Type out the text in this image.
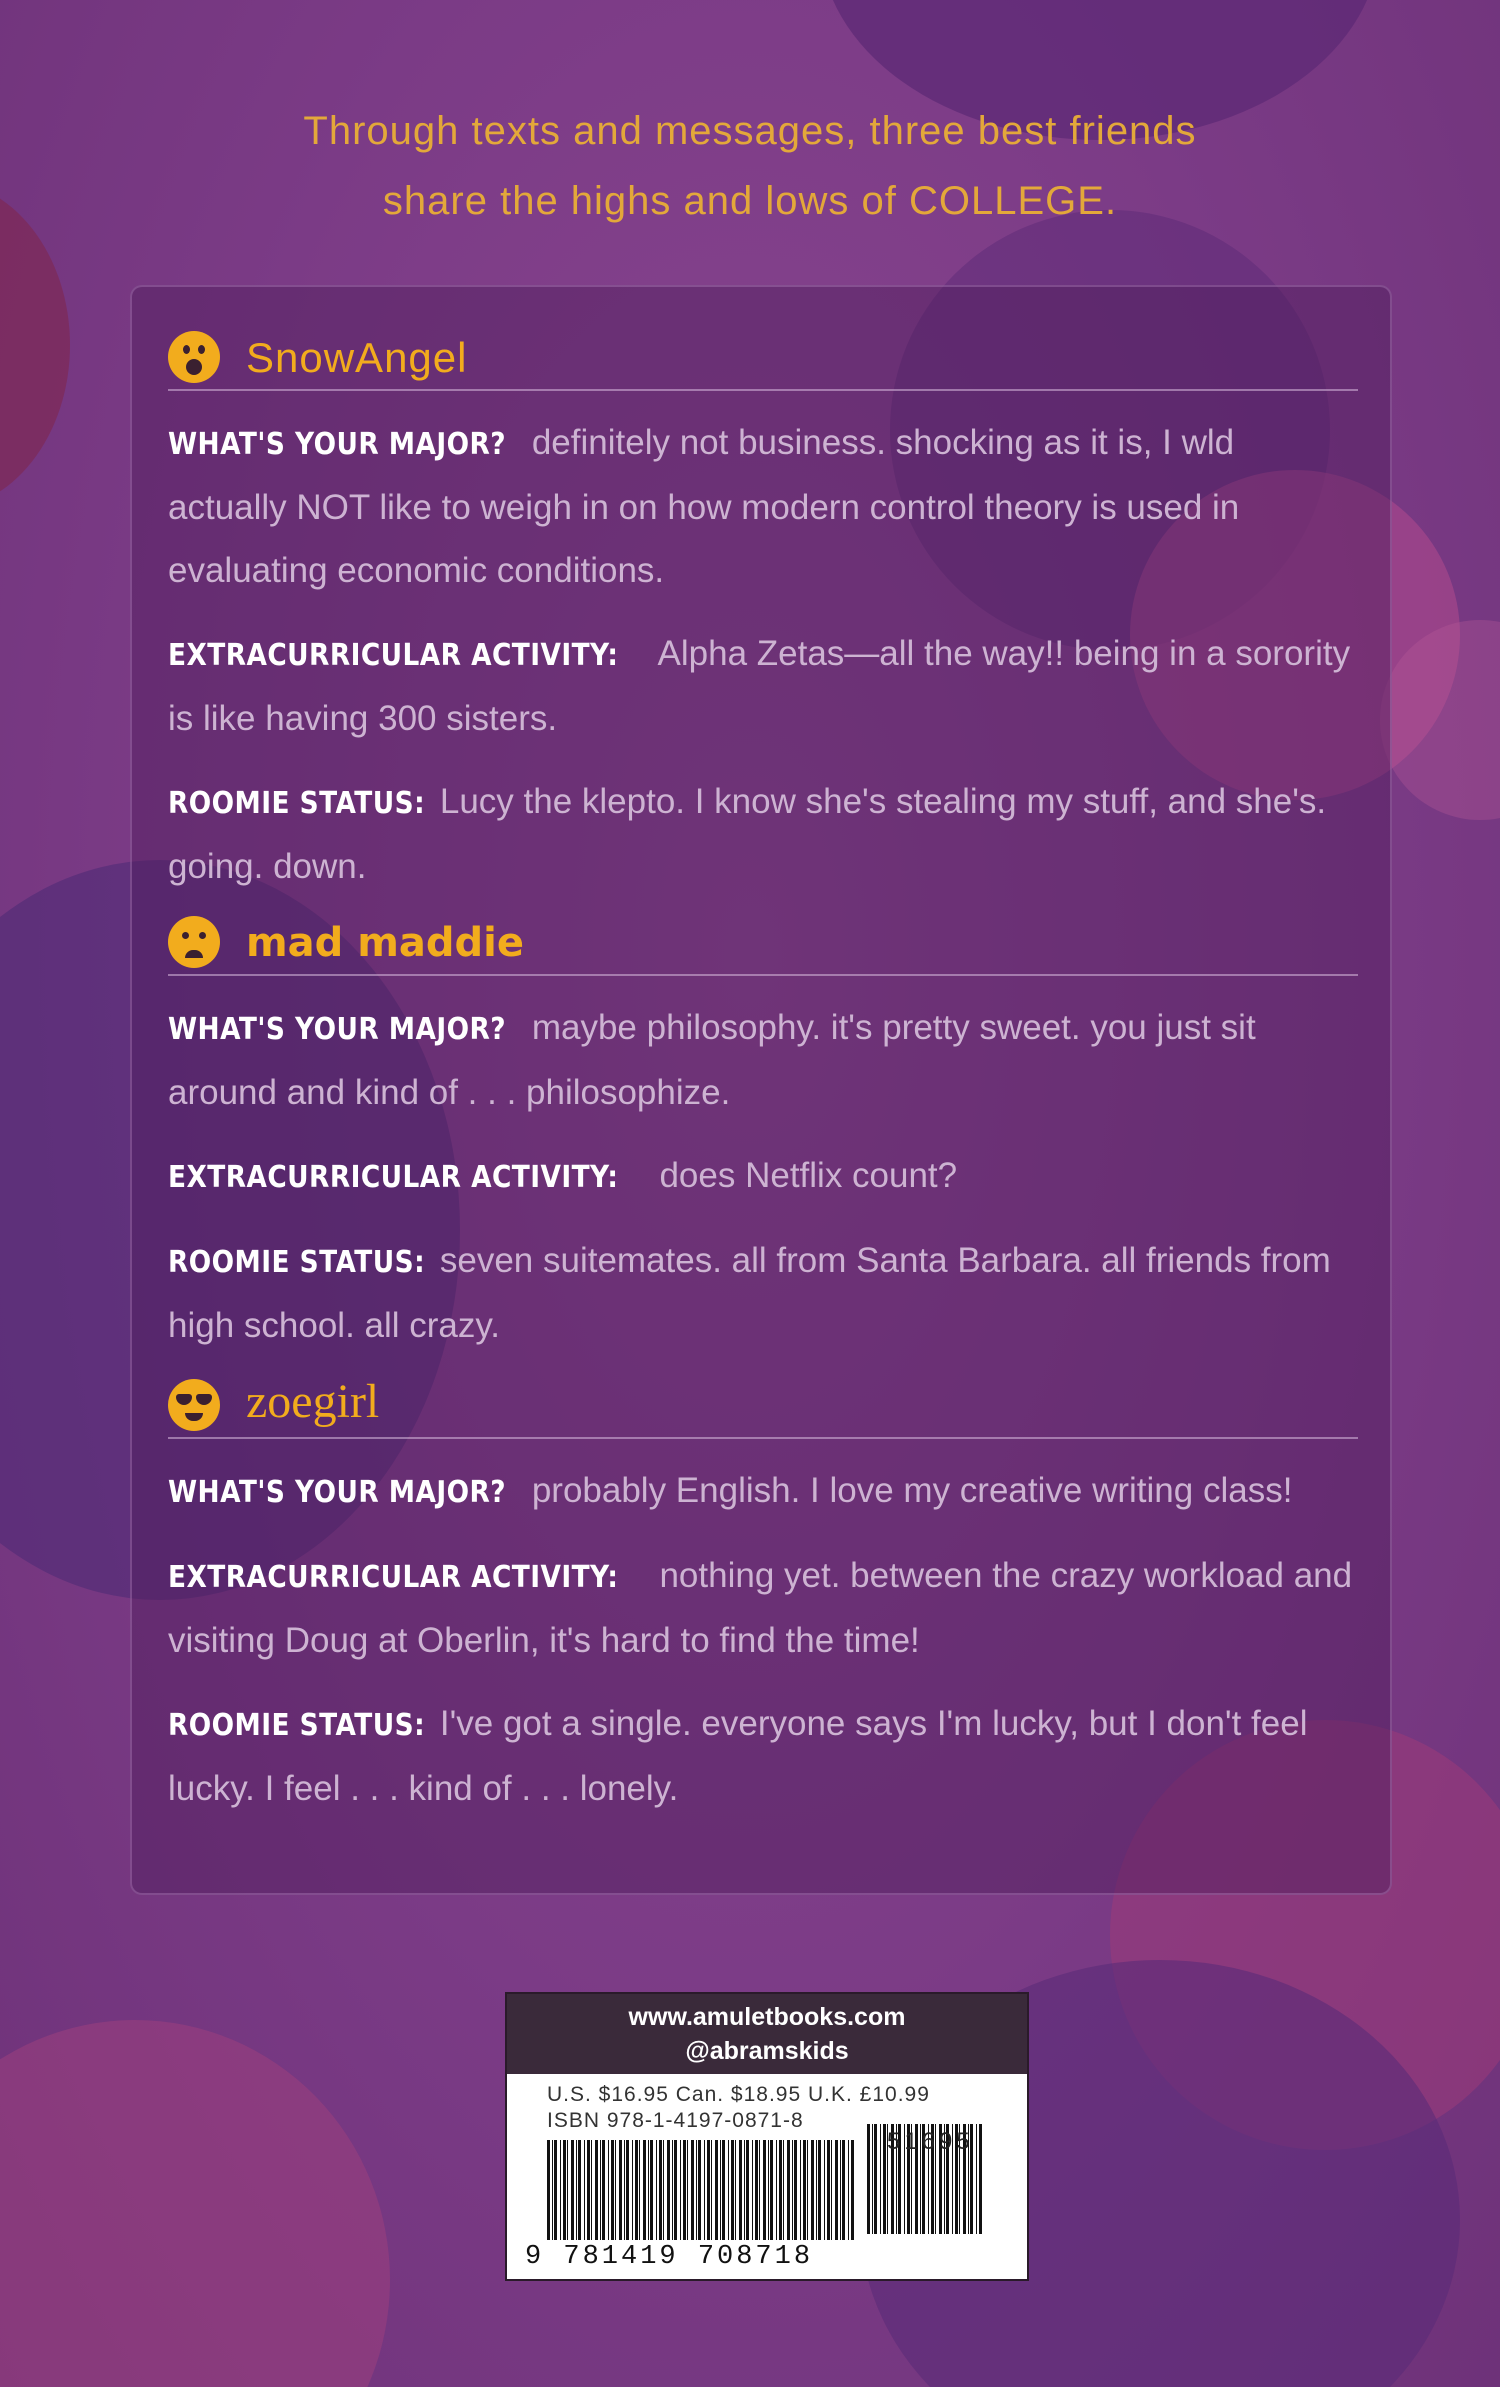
Through texts and messages, three best friends
share the highs and lows of COLLEGE.
SnowAngel

WHAT'S YOUR MAJOR? definitely not business. shocking as it is, I wld actually NOT like to weigh in on how modern control theory is used in evaluating economic conditions.

EXTRACURRICULAR ACTIVITY: Alpha Zetas—all the way!! being in a sorority is like having 300 sisters.

ROOMIE STATUS: Lucy the klepto. I know she's stealing my stuff, and she's. going. down.

mad maddie

WHAT'S YOUR MAJOR? maybe philosophy. it's pretty sweet. you just sit around and kind of . . . philosophize.

EXTRACURRICULAR ACTIVITY: does Netflix count?

ROOMIE STATUS: seven suitemates. all from Santa Barbara. all friends from high school. all crazy.

zoegirl

WHAT'S YOUR MAJOR? probably English. I love my creative writing class!

EXTRACURRICULAR ACTIVITY: nothing yet. between the crazy workload and visiting Doug at Oberlin, it's hard to find the time!

ROOMIE STATUS: I've got a single. everyone says I'm lucky, but I don't feel lucky. I feel . . . kind of . . . lonely.

www.amuletbooks.com
@abramskids
U.S. $16.95 Can. $18.95 U.K. £10.99
ISBN 978-1-4197-0871-8
51695
9 781419 708718
